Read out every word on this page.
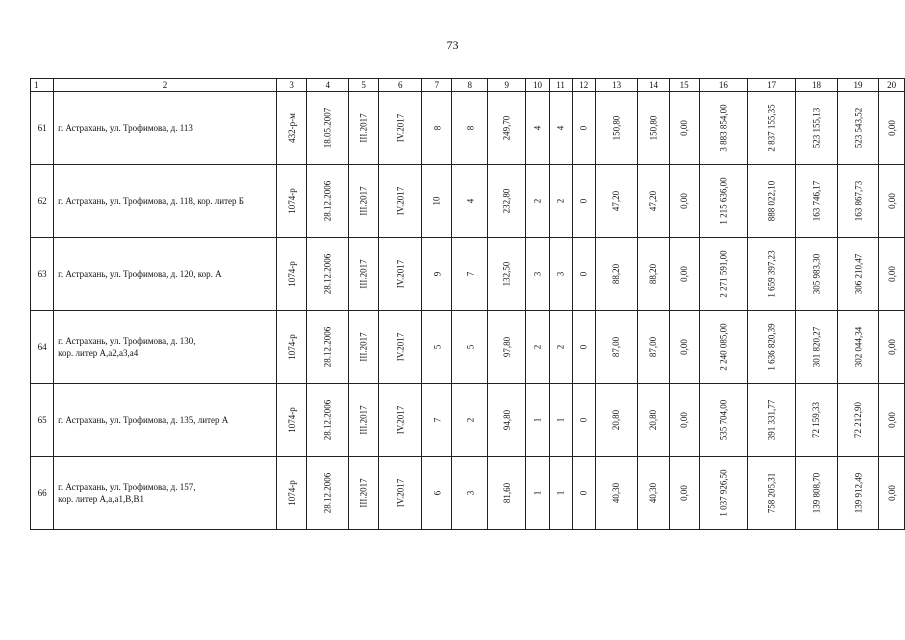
73
1	2	3	4	5	6	7	8	9	10	11	12	13	14	15	16	17	18	19	20
61	г. Астрахань, ул. Трофимова, д. 113	432-р-м	18.05.2007	III.2017	IV.2017	8	8	249,70	4	4	0	150,80	150,80	0,00	3 883 854,00	2 837 155,35	523 155,13	523 543,52	0,00
62	г. Астрахань, ул. Трофимова, д. 118, кор. литер Б	1074-р	28.12.2006	III.2017	IV.2017	10	4	232,80	2	2	0	47,20	47,20	0,00	1 215 636,00	888 022,10	163 746,17	163 867,73	0,00
63	г. Астрахань, ул. Трофимова, д. 120, кор. А	1074-р	28.12.2006	III.2017	IV.2017	9	7	132,50	3	3	0	88,20	88,20	0,00	2 271 591,00	1 659 397,23	305 983,30	306 210,47	0,00
64	г. Астрахань, ул. Трофимова, д. 130,
кор. литер А,а2,а3,а4	1074-р	28.12.2006	III.2017	IV.2017	5	5	97,80	2	2	0	87,00	87,00	0,00	2 240 085,00	1 636 820,39	301 820,27	302 044,34	0,00
65	г. Астрахань, ул. Трофимова, д. 135, литер А	1074-р	28.12.2006	III.2017	IV.2017	7	2	94,80	1	1	0	20,80	20,80	0,00	535 704,00	391 331,77	72 159,33	72 212,90	0,00
66	г. Астрахань, ул. Трофимова, д. 157,
кор. литер А,а,а1,В,В1	1074-р	28.12.2006	III.2017	IV.2017	6	3	81,60	1	1	0	40,30	40,30	0,00	1 037 926,50	758 205,31	139 808,70	139 912,49	0,00
